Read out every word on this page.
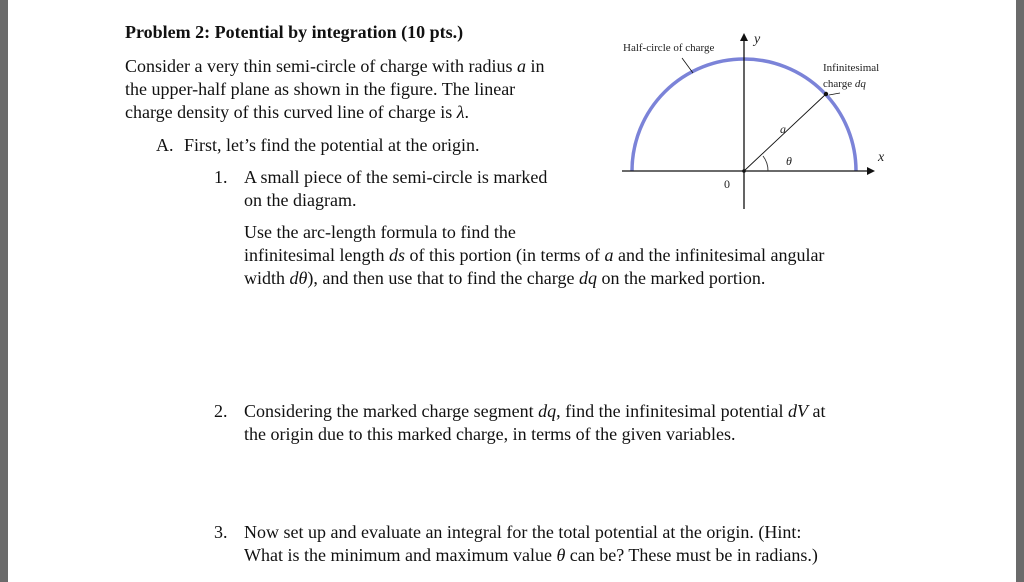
Problem 2: Potential by integration (10 pts.)
Consider a very thin semi-circle of charge with radius a in
the upper-half plane as shown in the figure. The linear
charge density of this curved line of charge is λ.
A. First, let’s find the potential at the origin.
1. A small piece of the semi-circle is marked
on the diagram.
Use the arc-length formula to find the
infinitesimal length ds of this portion (in terms of a and the infinitesimal angular
width dθ), and then use that to find the charge dq on the marked portion.
2. Considering the marked charge segment dq, find the infinitesimal potential dV at
the origin due to this marked charge, in terms of the given variables.
3. Now set up and evaluate an integral for the total potential at the origin. (Hint:
What is the minimum and maximum value θ can be? These must be in radians.)
Half-circle of charge
y
Infinitesimal
charge dq
a
θ	x
0
